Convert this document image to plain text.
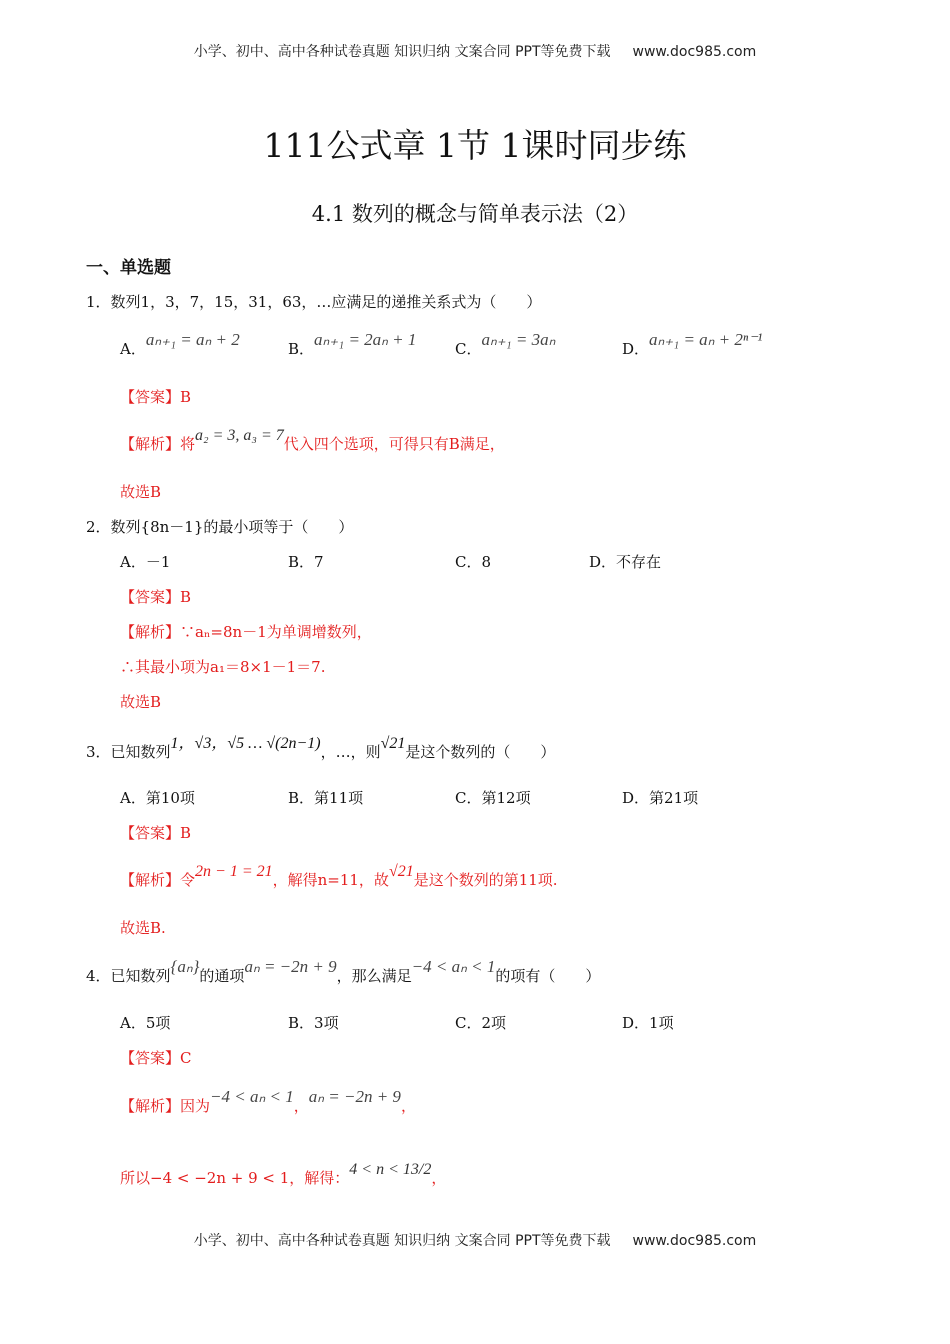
小学、初中、高中各种试卷真题 知识归纳 文案合同 PPT等免费下载 www.doc985.com
111公式章 1节 1课时同步练
4.1 数列的概念与简单表示法（2）
一、单选题
1．数列1，3，7，15，31，63，…应满足的递推关系式为（　　）
A．aₙ₊₁ = aₙ + 2	B．aₙ₊₁ = 2aₙ + 1	C．aₙ₊₁ = 3aₙ	D．aₙ₊₁ = aₙ + 2ⁿ⁻¹
【答案】B
【解析】将a₂ = 3, a₃ = 7代入四个选项，可得只有B满足，
故选B
2．数列{8n－1}的最小项等于（　　）
A．－1	B．7	C．8	D．不存在
【答案】B
【解析】∵aₙ=8n－1为单调增数列，
∴其最小项为a₁＝8×1－1＝7.
故选B
3．已知数列1，√3，√5 … √(2n−1)，…，则√21是这个数列的（　　）
A．第10项	B．第11项	C．第12项	D．第21项
【答案】B
【解析】令2n − 1 = 21，解得n=11，故√21是这个数列的第11项.
故选B.
4．已知数列{aₙ}的通项aₙ = −2n + 9，那么满足−4 < aₙ < 1的项有（　　）
A．5项	B．3项	C．2项	D．1项
【答案】C
【解析】因为−4 < aₙ < 1，aₙ = −2n + 9，
所以−4 < −2n + 9 < 1，解得：4 < n < 13/2，
小学、初中、高中各种试卷真题 知识归纳 文案合同 PPT等免费下载 www.doc985.com
